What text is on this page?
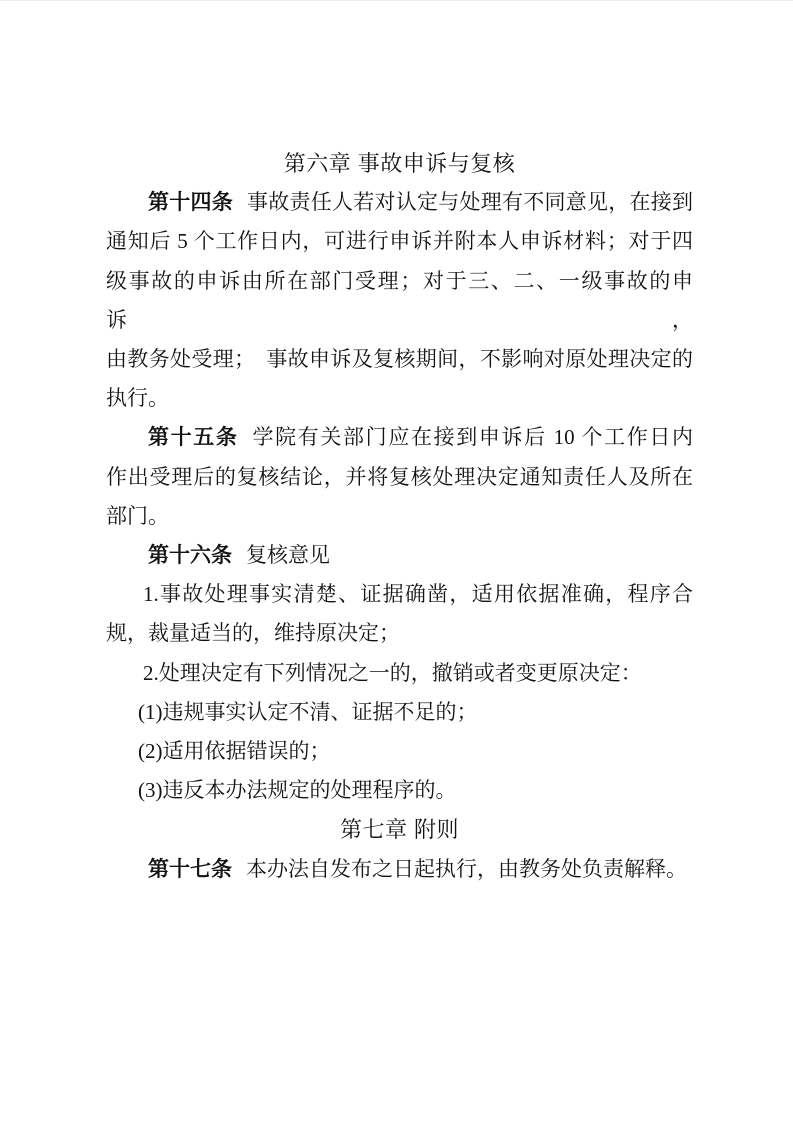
第六章 事故申诉与复核
第十四条 事故责任人若对认定与处理有不同意见，在接到
通知后 5 个工作日内，可进行申诉并附本人申诉材料；对于四
级事故的申诉由所在部门受理；对于三、二、一级事故的申诉，
由教务处受理；　事故申诉及复核期间，不影响对原处理决定的
执行。
第十五条 学院有关部门应在接到申诉后 10 个工作日内
作出受理后的复核结论，并将复核处理决定通知责任人及所在
部门。
第十六条 复核意见
1.事故处理事实清楚、证据确凿，适用依据准确，程序合
规，裁量适当的，维持原决定；
2.处理决定有下列情况之一的，撤销或者变更原决定：
(1)违规事实认定不清、证据不足的；
(2)适用依据错误的；
(3)违反本办法规定的处理程序的。
第七章 附则
第十七条 本办法自发布之日起执行，由教务处负责解释。
